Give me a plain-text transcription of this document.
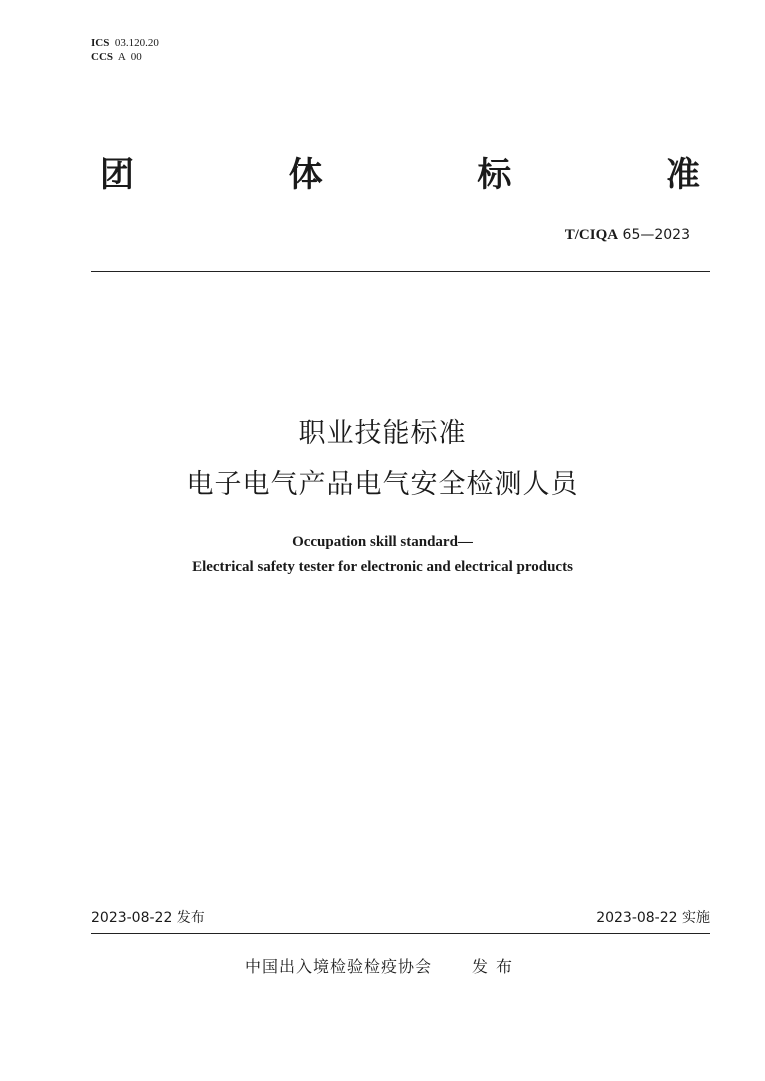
ICS 03.120.20
CCS A  00
团	体	标	准
T/CIQA 65—2023
职业技能标准
电子电气产品电气安全检测人员
Occupation skill standard—
Electrical safety tester for electronic and electrical products
2023-08-22 发布	2023-08-22 实施
中国出入境检验检疫协会	发布
